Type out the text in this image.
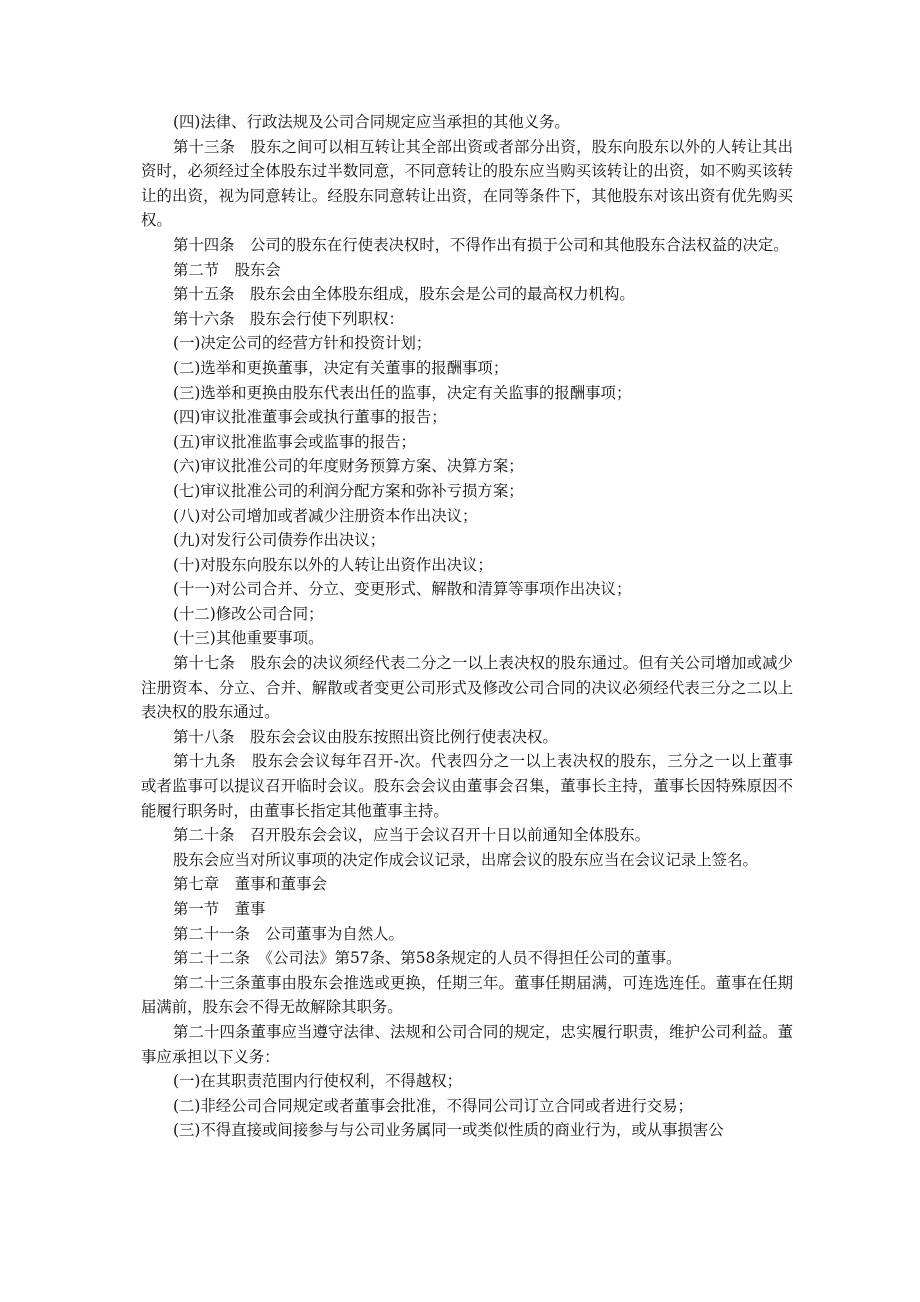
(四)法律、行政法规及公司合同规定应当承担的其他义务。

第十三条　股东之间可以相互转让其全部出资或者部分出资，股东向股东以外的人转让其出资时，必须经过全体股东过半数同意，不同意转让的股东应当购买该转让的出资，如不购买该转让的出资，视为同意转让。经股东同意转让出资，在同等条件下，其他股东对该出资有优先购买权。

第十四条　公司的股东在行使表决权时，不得作出有损于公司和其他股东合法权益的决定。

第二节　股东会

第十五条　股东会由全体股东组成，股东会是公司的最高权力机构。

第十六条　股东会行使下列职权：

(一)决定公司的经营方针和投资计划；

(二)选举和更换董事，决定有关董事的报酬事项；

(三)选举和更换由股东代表出任的监事，决定有关监事的报酬事项；

(四)审议批准董事会或执行董事的报告；

(五)审议批准监事会或监事的报告；

(六)审议批准公司的年度财务预算方案、决算方案；

(七)审议批准公司的利润分配方案和弥补亏损方案；

(八)对公司增加或者减少注册资本作出决议；

(九)对发行公司债券作出决议；

(十)对股东向股东以外的人转让出资作出决议；

(十一)对公司合并、分立、变更形式、解散和清算等事项作出决议；

(十二)修改公司合同；

(十三)其他重要事项。

第十七条　股东会的决议须经代表二分之一以上表决权的股东通过。但有关公司增加或减少注册资本、分立、合并、解散或者变更公司形式及修改公司合同的决议必须经代表三分之二以上表决权的股东通过。

第十八条　股东会会议由股东按照出资比例行使表决权。

第十九条　股东会会议每年召开-次。代表四分之一以上表决权的股东，三分之一以上董事或者监事可以提议召开临时会议。股东会会议由董事会召集，董事长主持，董事长因特殊原因不能履行职务时，由董事长指定其他董事主持。

第二十条　召开股东会会议，应当于会议召开十日以前通知全体股东。

股东会应当对所议事项的决定作成会议记录，出席会议的股东应当在会议记录上签名。

第七章　董事和董事会

第一节　董事

第二十一条　公司董事为自然人。

第二十二条　《公司法》第57条、第58条规定的人员不得担任公司的董事。

第二十三条董事由股东会推选或更换，任期三年。董事任期届满，可连选连任。董事在任期届满前，股东会不得无故解除其职务。

第二十四条董事应当遵守法律、法规和公司合同的规定，忠实履行职责，维护公司利益。董事应承担以下义务：

(一)在其职责范围内行使权利，不得越权；

(二)非经公司合同规定或者董事会批准，不得同公司订立合同或者进行交易；

(三)不得直接或间接参与与公司业务属同一或类似性质的商业行为，或从事损害公
